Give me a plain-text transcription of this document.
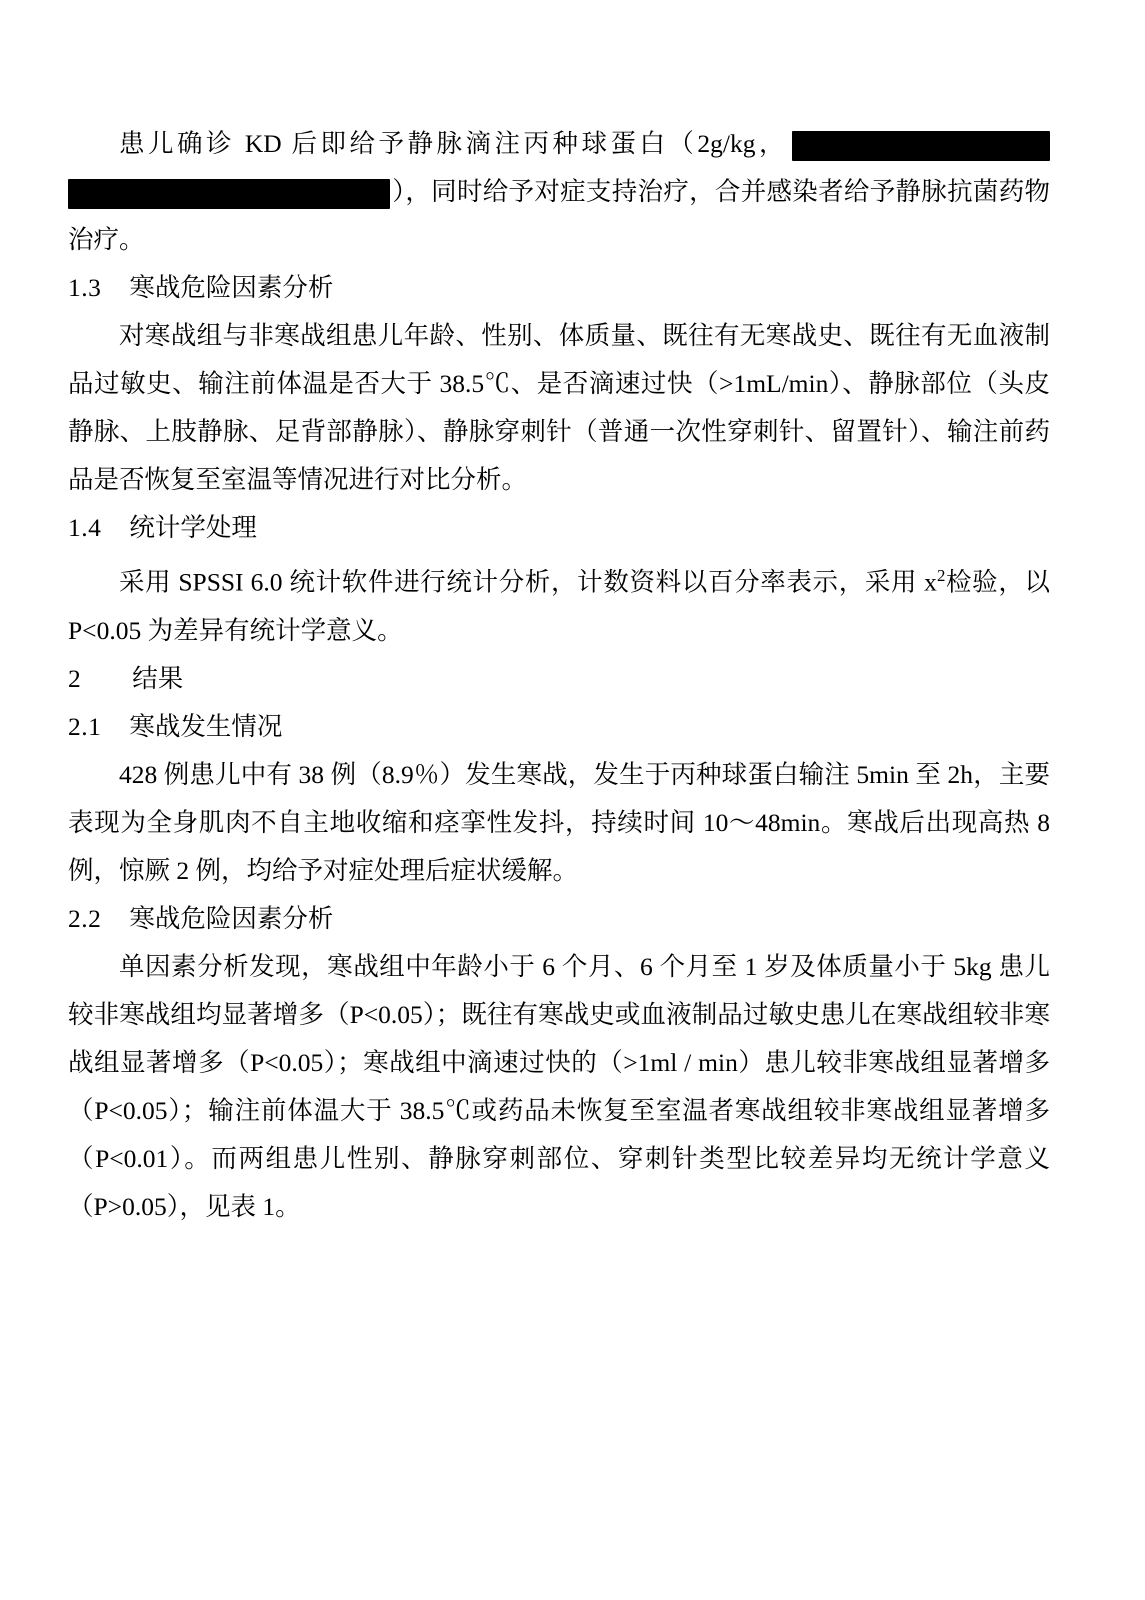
患儿确诊 KD 后即给予静脉滴注丙种球蛋白（2g/kg，），同时给予对症支持治疗，合并感染者给予静脉抗菌药物治疗。

1.3 寒战危险因素分析

对寒战组与非寒战组患儿年龄、性别、体质量、既往有无寒战史、既往有无血液制品过敏史、输注前体温是否大于 38.5℃、是否滴速过快（>1mL/min）、静脉部位（头皮静脉、上肢静脉、足背部静脉）、静脉穿刺针（普通一次性穿刺针、留置针）、输注前药品是否恢复至室温等情况进行对比分析。

1.4 统计学处理

采用 SPSSI 6.0 统计软件进行统计分析，计数资料以百分率表示，采用 $x^2$检验，以 P<0.05 为差异有统计学意义。

2 结果

2.1 寒战发生情况

428 例患儿中有 38 例（8.9％）发生寒战，发生于丙种球蛋白输注 5min 至 2h，主要表现为全身肌肉不自主地收缩和痉挛性发抖，持续时间 10～48min。寒战后出现高热 8 例，惊厥 2 例，均给予对症处理后症状缓解。

2.2 寒战危险因素分析

单因素分析发现，寒战组中年龄小于 6 个月、6 个月至 1 岁及体质量小于 5kg 患儿较非寒战组均显著增多（P<0.05）；既往有寒战史或血液制品过敏史患儿在寒战组较非寒战组显著增多（P<0.05）；寒战组中滴速过快的（>1ml / min）患儿较非寒战组显著增多（P<0.05）；输注前体温大于 38.5℃或药品未恢复至室温者寒战组较非寒战组显著增多（P<0.01）。而两组患儿性别、静脉穿刺部位、穿刺针类型比较差异均无统计学意义（P>0.05），见表 1。
